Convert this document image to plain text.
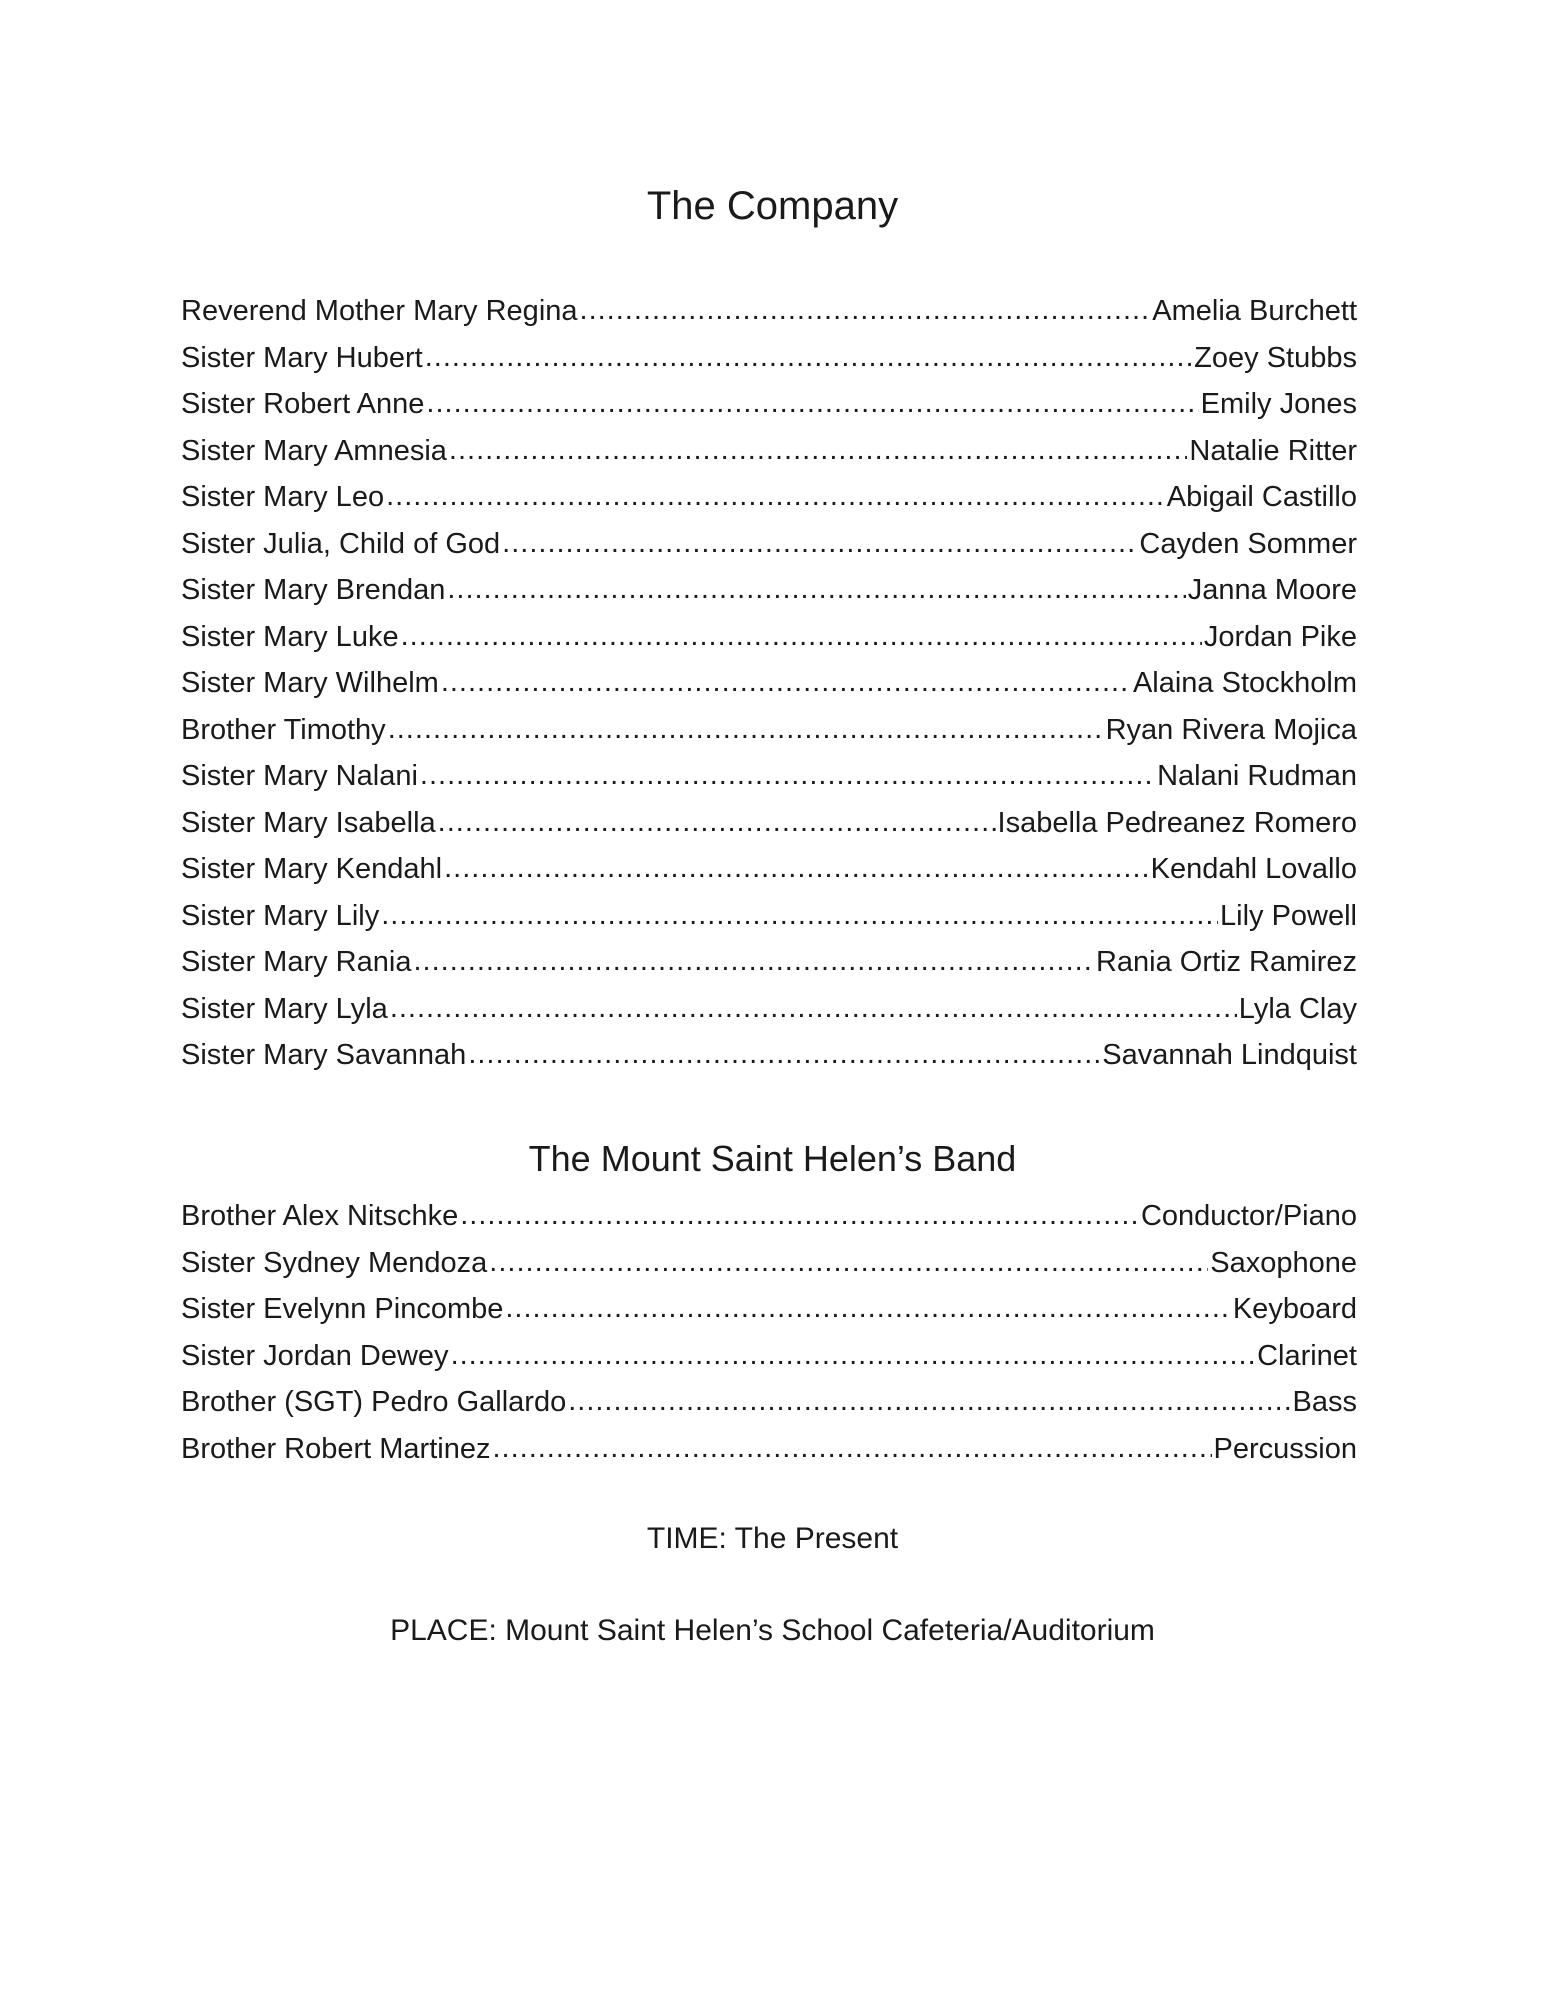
The Company
Reverend Mother Mary Regina .....	Amelia Burchett
Sister Mary Hubert .....	Zoey Stubbs
Sister Robert Anne .....	Emily Jones
Sister Mary Amnesia .....	Natalie Ritter
Sister Mary Leo .....	Abigail Castillo
Sister Julia, Child of God .....	Cayden Sommer
Sister Mary Brendan .....	Janna Moore
Sister Mary Luke .....	Jordan Pike
Sister Mary Wilhelm .....	Alaina Stockholm
Brother Timothy .....	Ryan Rivera Mojica
Sister Mary Nalani .....	Nalani Rudman
Sister Mary Isabella .....	Isabella Pedreanez Romero
Sister Mary Kendahl .....	Kendahl Lovallo
Sister Mary Lily .....	Lily Powell
Sister Mary Rania .....	Rania Ortiz Ramirez
Sister Mary Lyla .....	Lyla Clay
Sister Mary Savannah .....	Savannah Lindquist
The Mount Saint Helen’s Band
Brother Alex Nitschke .....	Conductor/Piano
Sister Sydney Mendoza .....	Saxophone
Sister Evelynn Pincombe .....	Keyboard
Sister Jordan Dewey .....	Clarinet
Brother (SGT) Pedro Gallardo .....	Bass
Brother Robert Martinez .....	Percussion

TIME: The Present

PLACE: Mount Saint Helen’s School Cafeteria/Auditorium
